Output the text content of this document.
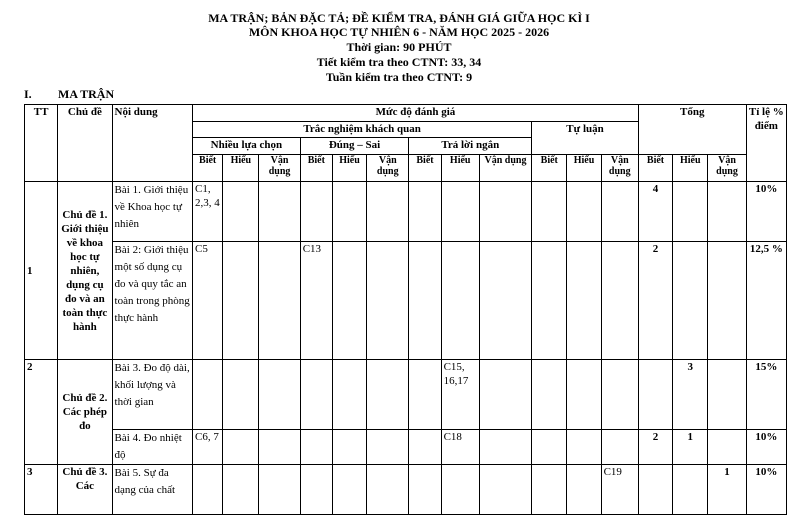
MA TRẬN; BẢN ĐẶC TẢ; ĐỀ KIỂM TRA, ĐÁNH GIÁ GIỮA HỌC KÌ I
MÔN KHOA HỌC TỰ NHIÊN 6 - NĂM HỌC 2025 - 2026
Thời gian: 90 PHÚT
Tiết kiểm tra theo CTNT: 33, 34
Tuần kiểm tra theo CTNT: 9
I. MA TRẬN
TT	Chủ đề	Nội dung	Mức độ đánh giá												Tổng			Tỉ lệ % điểm
			Trắc nghiệm khách quan									Tự luận						
			Nhiều lựa chọn			Đúng – Sai			Trả lời ngắn									
			Biết	Hiểu	Vận dụng	Biết	Hiểu	Vận dụng	Biết	Hiểu	Vận dụng	Biết	Hiểu	Vận dụng	Biết	Hiểu	Vận dụng	
1	Chủ đề 1. Giới thiệu về khoa học tự nhiên, dụng cụ đo và an toàn thực hành	Bài 1. Giới thiệu về Khoa học tự nhiên	C1, 2,3, 4												4			10%
		Bài 2: Giới thiệu một số dụng cụ đo và quy tắc an toàn trong phòng thực hành	C5			C13									2			12,5 %
2	Chủ đề 2. Các phép đo	Bài 3. Đo độ dài, khối lượng và thời gian								C15, 16,17						3		15%
		Bài 4. Đo nhiệt độ	C6, 7							C18					2	1		10%
3	Chủ đề 3. Các	Bài 5. Sự đa dạng của chất												C19			1	10%
